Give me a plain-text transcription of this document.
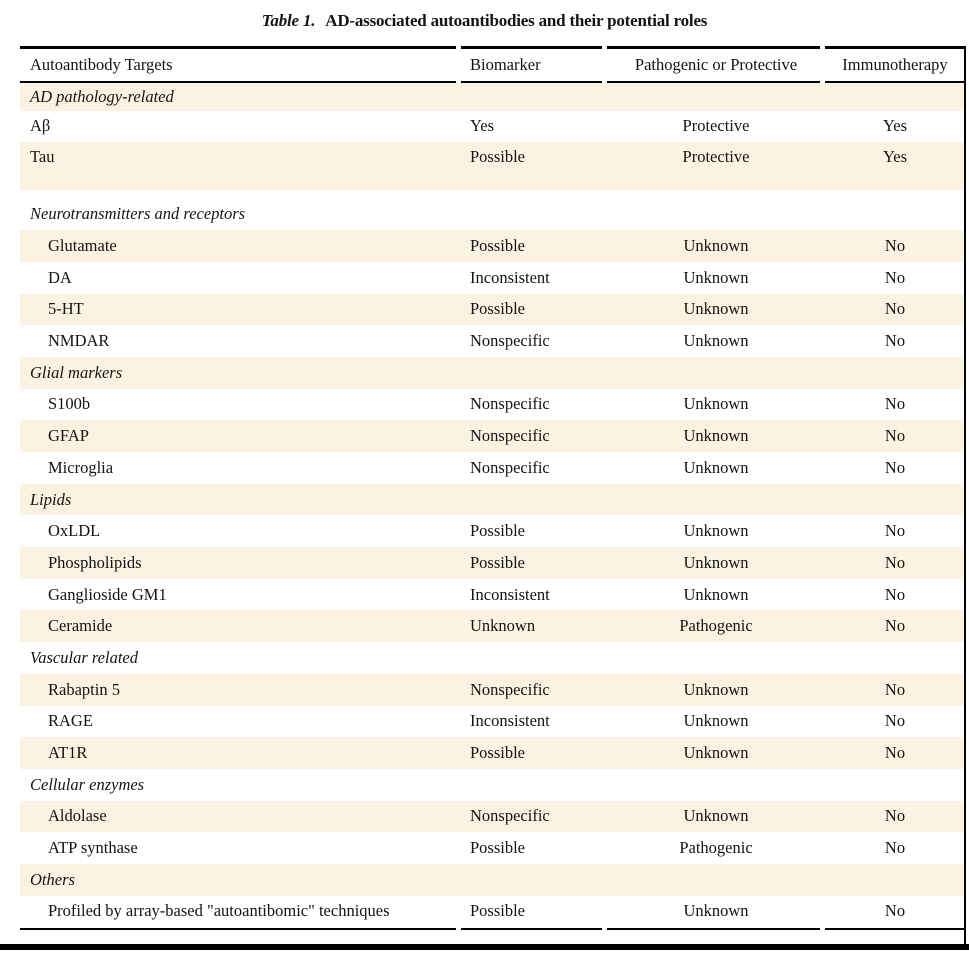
Table 1. AD-associated autoantibodies and their potential roles
Autoantibody Targets	Biomarker	Pathogenic or Protective	Immunotherapy
AD pathology-related
Aβ	Yes	Protective	Yes
Tau	Possible	Protective	Yes
Neurotransmitters and receptors
Glutamate	Possible	Unknown	No
DA	Inconsistent	Unknown	No
5-HT	Possible	Unknown	No
NMDAR	Nonspecific	Unknown	No
Glial markers
S100b	Nonspecific	Unknown	No
GFAP	Nonspecific	Unknown	No
Microglia	Nonspecific	Unknown	No
Lipids
OxLDL	Possible	Unknown	No
Phospholipids	Possible	Unknown	No
Ganglioside GM1	Inconsistent	Unknown	No
Ceramide	Unknown	Pathogenic	No
Vascular related
Rabaptin 5	Nonspecific	Unknown	No
RAGE	Inconsistent	Unknown	No
AT1R	Possible	Unknown	No
Cellular enzymes
Aldolase	Nonspecific	Unknown	No
ATP synthase	Possible	Pathogenic	No
Others
Profiled by array-based "autoantibomic" techniques	Possible	Unknown	No
